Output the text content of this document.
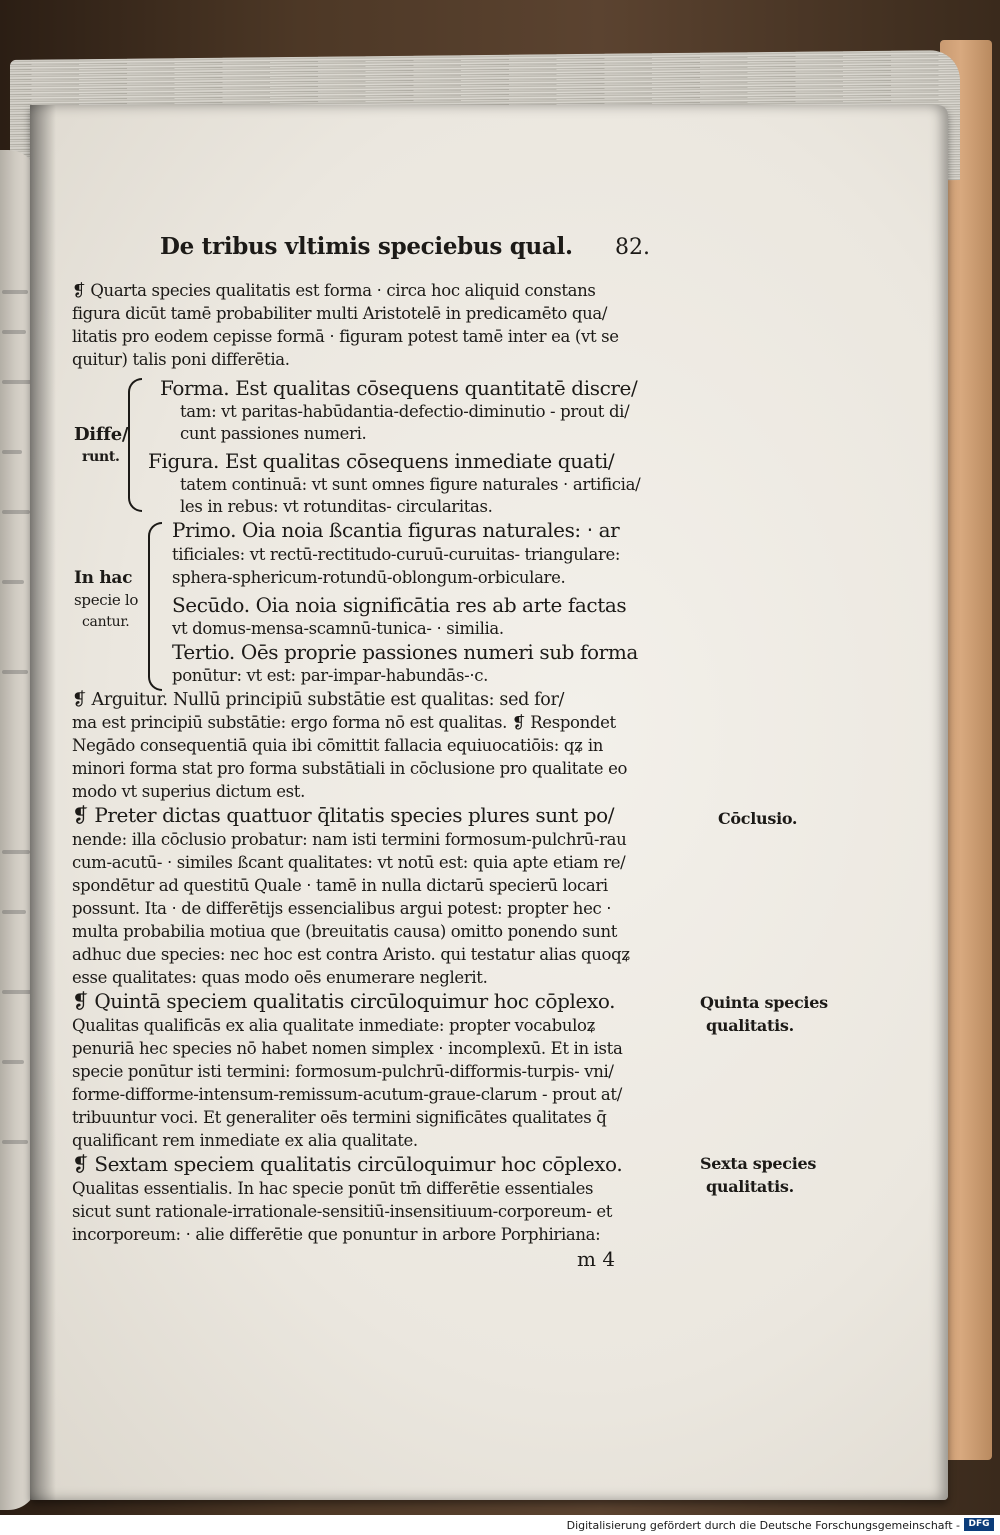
De tribus vltimis speciebus qual. 82.
❡ Quarta species qualitatis est forma ‧ circa hoc aliquid constans
figura dicūt tamē probabiliter multi Aristotelē in predicamēto qua/
litatis pro eodem cepisse formā ‧ figuram potest tamē inter ea (vt se
quitur) talis poni differētia.
Diffe/
runt.
Forma. Est qualitas cōsequens quantitatē discre/
tam: vt paritas-habūdantia-defectio-diminutio - prout di/
cunt passiones numeri.
Figura. Est qualitas cōsequens inmediate quati/
tatem continuā: vt sunt omnes figure naturales ‧ artificia/
les in rebus: vt rotunditas- circularitas.
In hac
specie lo
cantur.
Primo. Oia noia ßcantia figuras naturales: ‧ ar
tificiales: vt rectū-rectitudo-curuū-curuitas- triangulare:
sphera-sphericum-rotundū-oblongum-orbiculare.
Secūdo. Oia noia significātia res ab arte factas
vt domus-mensa-scamnū-tunica- ‧ similia.
Tertio. Oēs proprie passiones numeri sub forma
ponūtur: vt est: par-impar-habundās-‧c.
❡ Arguitur. Nullū principiū substātie est qualitas: sed for/
ma est principiū substātie: ergo forma nō est qualitas. ❡ Respondet
Negādo consequentiā quia ibi cōmittit fallacia equiuocatiōis: qʑ in
minori forma stat pro forma substātiali in cōclusione pro qualitate eo
modo vt superius dictum est.
❡ Preter dictas quattuor q̄litatis species plures sunt po/
nende: illa cōclusio probatur: nam isti termini formosum-pulchrū-rau
cum-acutū- ‧ similes ßcant qualitates: vt notū est: quia apte etiam re/
spondētur ad questitū Quale ‧ tamē in nulla dictarū specierū locari
possunt. Ita ‧ de differētijs essencialibus argui potest: propter hec ‧
multa probabilia motiua que (breuitatis causa) omitto ponendo sunt
adhuc due species: nec hoc est contra Aristo. qui testatur alias quoqʑ
esse qualitates: quas modo oēs enumerare neglerit.
Cōclusio.
❡ Quintā speciem qualitatis circūloquimur hoc cōplexo.
Qualitas qualificās ex alia qualitate inmediate: propter vocabuloʑ
penuriā hec species nō habet nomen simplex ‧ incomplexū. Et in ista
specie ponūtur isti termini: formosum-pulchrū-difformis-turpis- vni/
forme-difforme-intensum-remissum-acutum-graue-clarum - prout at/
tribuuntur voci. Et generaliter oēs termini significātes qualitates q̄
qualificant rem inmediate ex alia qualitate.
Quinta species
qualitatis.
❡ Sextam speciem qualitatis circūloquimur hoc cōplexo.
Qualitas essentialis. In hac specie ponūt tm̄ differētie essentiales
sicut sunt rationale-irrationale-sensitiū-insensitiuum-corporeum- et
incorporeum: ‧ alie differētie que ponuntur in arbore Porphiriana:
Sexta species
qualitatis.
m 4
Digitalisierung gefördert durch die Deutsche Forschungsgemeinschaft - DFG
